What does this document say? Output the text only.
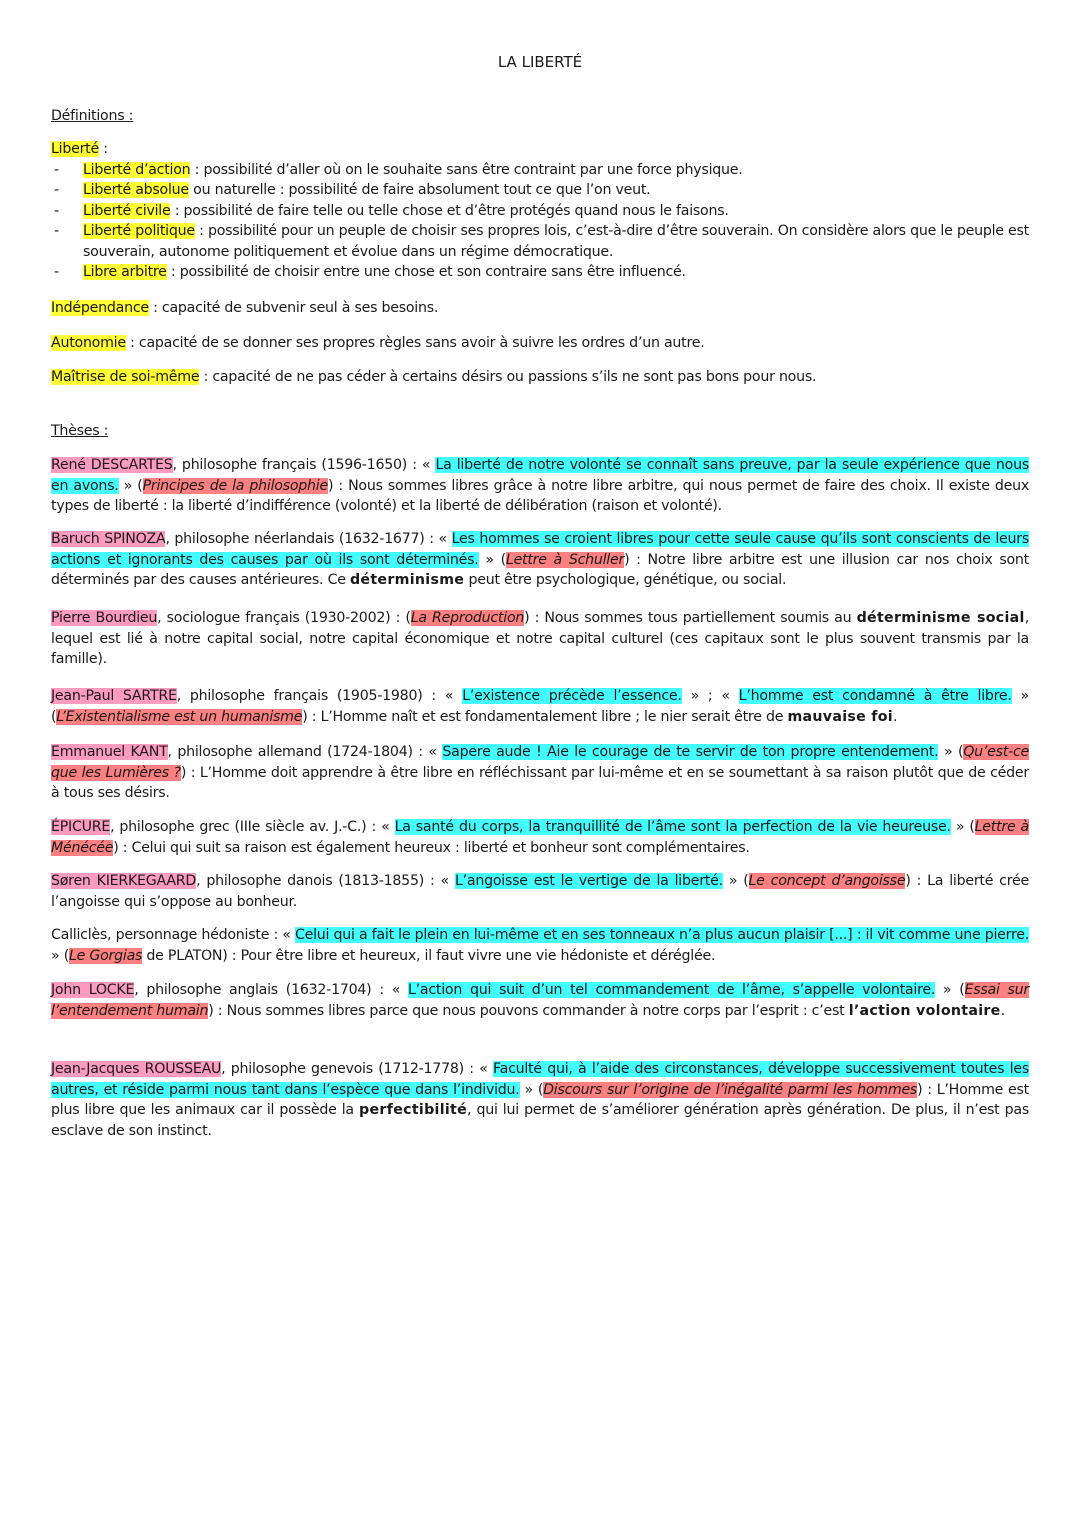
LA LIBERTÉ

Définitions :

Liberté :

- Liberté d’action : possibilité d’aller où on le souhaite sans être contraint par une force physique.
- Liberté absolue ou naturelle : possibilité de faire absolument tout ce que l’on veut.
- Liberté civile : possibilité de faire telle ou telle chose et d’être protégés quand nous le faisons.
- Liberté politique : possibilité pour un peuple de choisir ses propres lois, c’est-à-dire d’être souverain. On considère alors que le peuple est souverain, autonome politiquement et évolue dans un régime démocratique.
- Libre arbitre : possibilité de choisir entre une chose et son contraire sans être influencé.

Indépendance : capacité de subvenir seul à ses besoins.

Autonomie : capacité de se donner ses propres règles sans avoir à suivre les ordres d’un autre.

Maîtrise de soi-même : capacité de ne pas céder à certains désirs ou passions s’ils ne sont pas bons pour nous.

Thèses :

René DESCARTES, philosophe français (1596-1650) : « La liberté de notre volonté se connaît sans preuve, par la seule expérience que nous en avons. » (Principes de la philosophie) : Nous sommes libres grâce à notre libre arbitre, qui nous permet de faire des choix. Il existe deux types de liberté : la liberté d’indifférence (volonté) et la liberté de délibération (raison et volonté).

Baruch SPINOZA, philosophe néerlandais (1632-1677) : « Les hommes se croient libres pour cette seule cause qu’ils sont conscients de leurs actions et ignorants des causes par où ils sont déterminés. » (Lettre à Schuller) : Notre libre arbitre est une illusion car nos choix sont déterminés par des causes antérieures. Ce déterminisme peut être psychologique, génétique, ou social.

Pierre Bourdieu, sociologue français (1930-2002) : (La Reproduction) : Nous sommes tous partiellement soumis au déterminisme social, lequel est lié à notre capital social, notre capital économique et notre capital culturel (ces capitaux sont le plus souvent transmis par la famille).

Jean-Paul SARTRE, philosophe français (1905-1980) : « L’existence précède l’essence. » ; « L’homme est condamné à être libre. » (L’Existentialisme est un humanisme) : L’Homme naît et est fondamentalement libre ; le nier serait être de mauvaise foi.

Emmanuel KANT, philosophe allemand (1724-1804) : « Sapere aude ! Aie le courage de te servir de ton propre entendement. » (Qu’est-ce que les Lumières ?) : L’Homme doit apprendre à être libre en réfléchissant par lui-même et en se soumettant à sa raison plutôt que de céder à tous ses désirs.

ÉPICURE, philosophe grec (IIIe siècle av. J.-C.) : « La santé du corps, la tranquillité de l’âme sont la perfection de la vie heureuse. » (Lettre à Ménécée) : Celui qui suit sa raison est également heureux : liberté et bonheur sont complémentaires.

Søren KIERKEGAARD, philosophe danois (1813-1855) : « L’angoisse est le vertige de la liberté. » (Le concept d’angoisse) : La liberté crée l’angoisse qui s’oppose au bonheur.

Calliclès, personnage hédoniste : « Celui qui a fait le plein en lui-même et en ses tonneaux n’a plus aucun plaisir [...] : il vit comme une pierre. » (Le Gorgias de PLATON) : Pour être libre et heureux, il faut vivre une vie hédoniste et déréglée.

John LOCKE, philosophe anglais (1632-1704) : « L’action qui suit d’un tel commandement de l’âme, s’appelle volontaire. » (Essai sur l’entendement humain) : Nous sommes libres parce que nous pouvons commander à notre corps par l’esprit : c’est l’action volontaire.

Jean-Jacques ROUSSEAU, philosophe genevois (1712-1778) : « Faculté qui, à l’aide des circonstances, développe successivement toutes les autres, et réside parmi nous tant dans l’espèce que dans l’individu. » (Discours sur l’origine de l’inégalité parmi les hommes) : L’Homme est plus libre que les animaux car il possède la perfectibilité, qui lui permet de s’améliorer génération après génération. De plus, il n’est pas esclave de son instinct.
